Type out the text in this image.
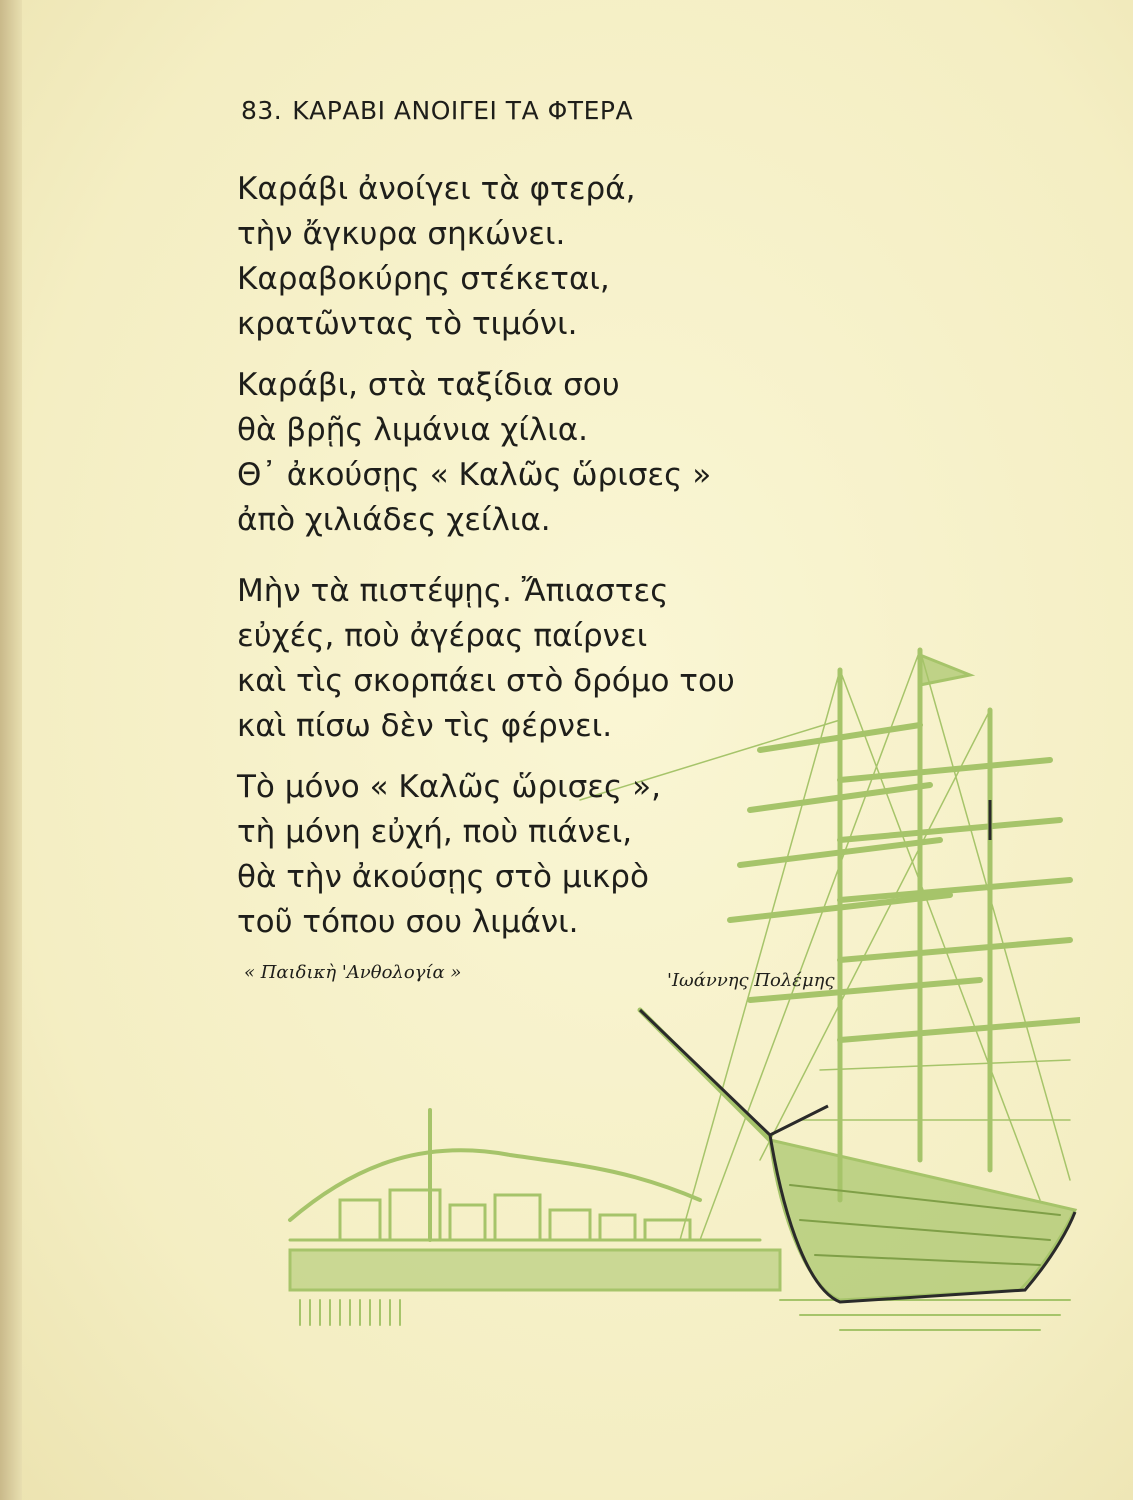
83. ΚΑΡΑΒΙ ΑΝΟΙΓΕΙ ΤΑ ΦΤΕΡΑ
Καράβι ἀνοίγει τὰ φτερά,
τὴν ἄγκυρα σηκώνει.
Καραβοκύρης στέκεται,
κρατῶντας τὸ τιμόνι.
Καράβι, στὰ ταξίδια σου
θὰ βρῇς λιμάνια χίλια.
Θ᾽ ἀκούσῃς « Καλῶς ὥρισες »
ἀπὸ χιλιάδες χείλια.
Μὴν τὰ πιστέψῃς. Ἄπιαστες
εὐχές, ποὺ ἀγέρας παίρνει
καὶ τὶς σκορπάει στὸ δρόμο του
καὶ πίσω δὲν τὶς φέρνει.
Τὸ μόνο « Καλῶς ὥρισες »,
τὴ μόνη εὐχή, ποὺ πιάνει,
θὰ τὴν ἀκούσῃς στὸ μικρὸ
τοῦ τόπου σου λιμάνι.
« Παιδικὴ 'Ανθολογία »	'Ιωάννης Πολέμης
